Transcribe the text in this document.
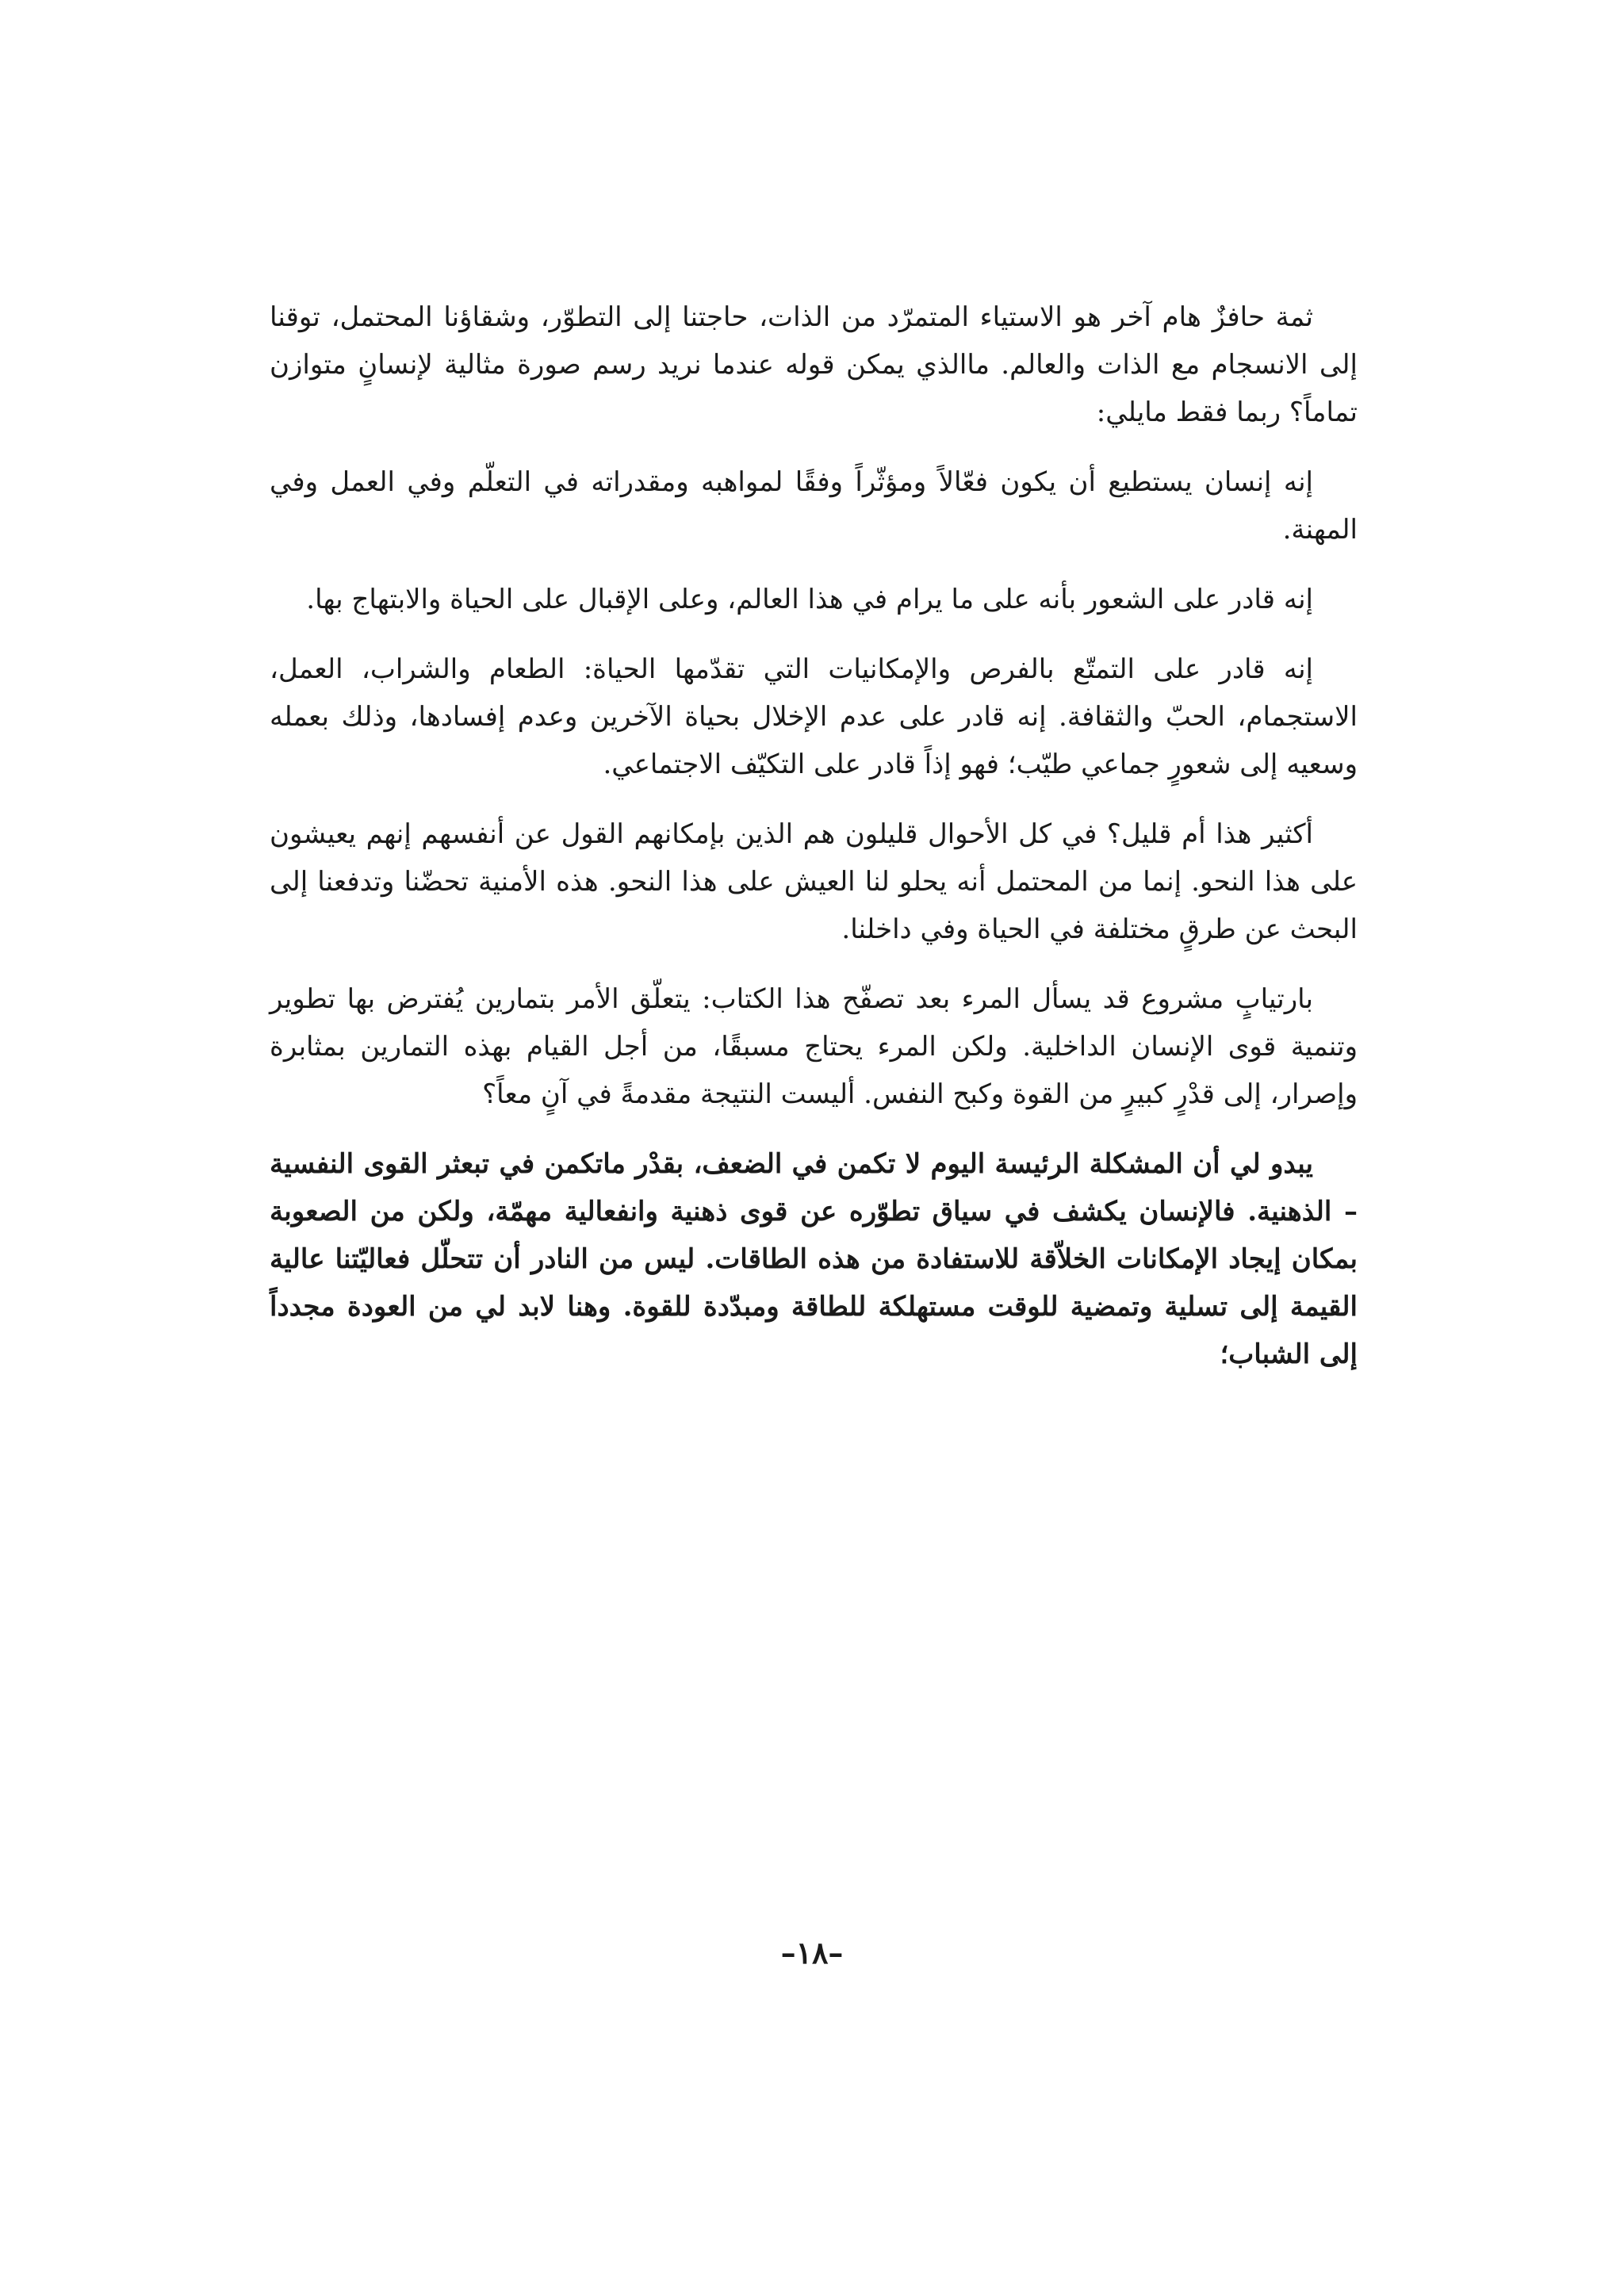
ثمة حافزٌ هام آخر هو الاستياء المتمرّد من الذات، حاجتنا إلى التطوّر، وشقاؤنا المحتمل، توقنا إلى الانسجام مع الذات والعالم. ماالذي يمكن قوله عندما نريد رسم صورة مثالية لإنسانٍ متوازن تماماً؟ ربما فقط مايلي:

إنه إنسان يستطيع أن يكون فعّالاً ومؤثّراً وفقًا لمواهبه ومقدراته في التعلّم وفي العمل وفي المهنة.

إنه قادر على الشعور بأنه على ما يرام في هذا العالم، وعلى الإقبال على الحياة والابتهاج بها.

إنه قادر على التمتّع بالفرص والإمكانيات التي تقدّمها الحياة: الطعام والشراب، العمل، الاستجمام، الحبّ والثقافة. إنه قادر على عدم الإخلال بحياة الآخرين وعدم إفسادها، وذلك بعمله وسعيه إلى شعورٍ جماعي طيّب؛ فهو إذاً قادر على التكيّف الاجتماعي.

أكثير هذا أم قليل؟ في كل الأحوال قليلون هم الذين بإمكانهم القول عن أنفسهم إنهم يعيشون على هذا النحو. إنما من المحتمل أنه يحلو لنا العيش على هذا النحو. هذه الأمنية تحضّنا وتدفعنا إلى البحث عن طرقٍ مختلفة في الحياة وفي داخلنا.

بارتيابٍ مشروع قد يسأل المرء بعد تصفّح هذا الكتاب: يتعلّق الأمر بتمارين يُفترض بها تطوير وتنمية قوى الإنسان الداخلية. ولكن المرء يحتاج مسبقًا، من أجل القيام بهذه التمارين بمثابرة وإصرار، إلى قدْرٍ كبيرٍ من القوة وكبح النفس. أليست النتيجة مقدمةً في آنٍ معاً؟

يبدو لي أن المشكلة الرئيسة اليوم لا تكمن في الضعف، بقدْر ماتكمن في تبعثر القوى النفسية – الذهنية. فالإنسان يكشف في سياق تطوّره عن قوى ذهنية وانفعالية مهمّة، ولكن من الصعوبة بمكان إيجاد الإمكانات الخلاّقة للاستفادة من هذه الطاقات. ليس من النادر أن تتحلّل فعاليّتنا عالية القيمة إلى تسلية وتمضية للوقت مستهلكة للطاقة ومبدّدة للقوة. وهنا لابد لي من العودة مجدداً إلى الشباب؛

–١٨–
